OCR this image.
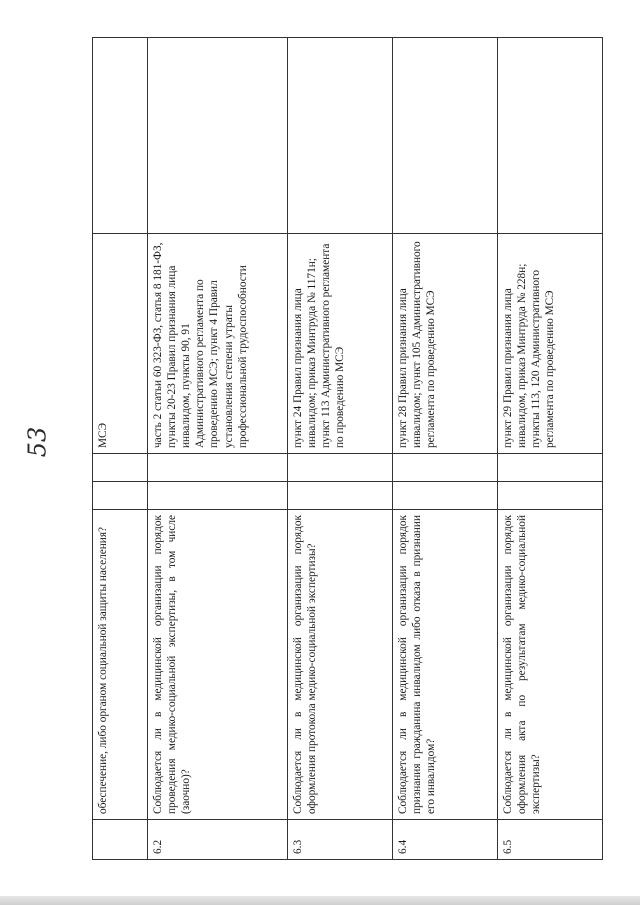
53
	обеспечение, либо органом социальной защиты населения?			МСЭ	
6.2	Соблюдается ли в медицинской организации порядок проведения медико-социальной экспертизы, в том числе (заочно)?			часть 2 статьи 60 323-ФЗ, статья 8 181-ФЗ, пункты 20-23 Правил признания лица инвалидом, пункты 90, 91 Административного регламента по проведению МСЭ; пункт 4 Правил установления степени утраты профессиональной трудоспособности	
6.3	Соблюдается ли в медицинской организации порядок оформления протокола медико-социальной экспертизы?			пункт 24 Правил признания лица инвалидом; приказ Минтруда № 1171н; пункт 113 Административного регламента по проведению МСЭ	
6.4	Соблюдается ли в медицинской организации порядок признания гражданина инвалидом либо отказа в признании его инвалидом?			пункт 28 Правил признания лица инвалидом; пункт 105 Административного регламента по проведению МСЭ	
6.5	Соблюдается ли в медицинской организации порядок оформления акта по результатам медико-социальной экспертизы?			пункт 29 Правил признания лица инвалидом, приказ Минтруда № 228н; пункты 113, 120 Административного регламента по проведению МСЭ	
